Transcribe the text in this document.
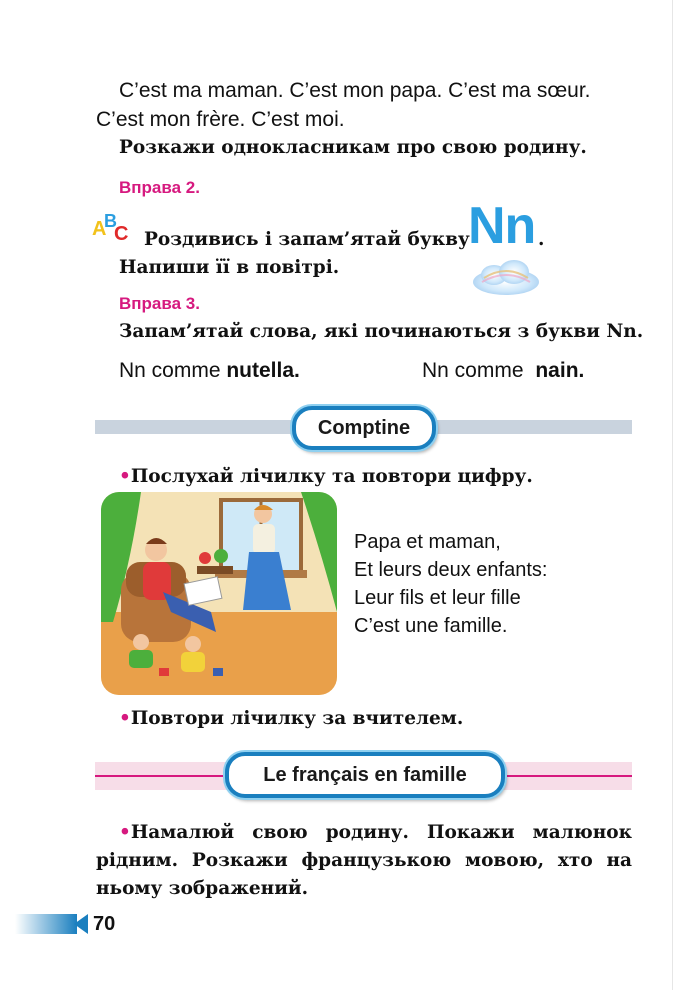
C’est ma maman. C’est mon papa. C’est ma sœur.
C’est mon frère. C’est moi.
Розкажи однокласникам про свою родину.
Вправа 2.
A
B
C Роздивись і запам’ятай букву
Nn .
Напиши її в повітрі.
Вправа 3.
Запам’ятай слова, які починаються з букви Nn.
Nn comme nutella.	Nn comme nain.
Comptine
•Послухай лічилку та повтори цифру.
Papa et maman,
Et leurs deux enfants:
Leur fils et leur fille
C’est une famille.
•Повтори лічилку за вчителем.
Le français en famille
•Намалюй свою родину. Покажи малюнок
рідним. Розкажи французькою мовою, хто на
ньому зображений.
70
